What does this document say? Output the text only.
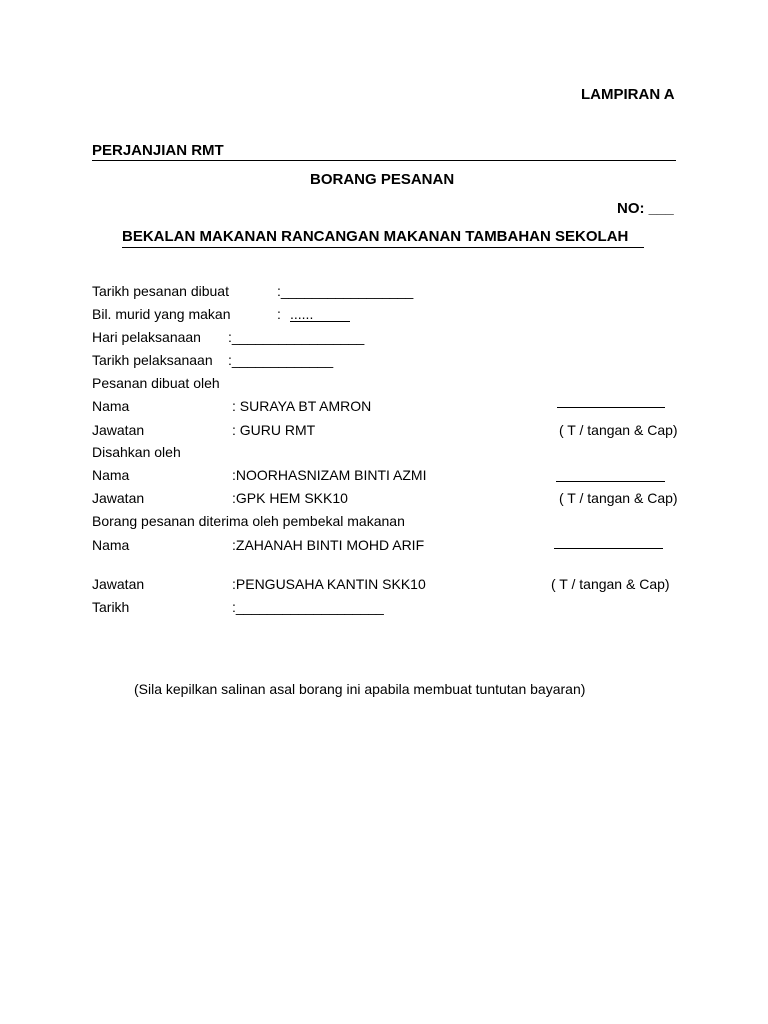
LAMPIRAN A
PERJANJIAN RMT
BORANG PESANAN
NO: ___
BEKALAN MAKANAN RANCANGAN MAKANAN TAMBAHAN SEKOLAH
Tarikh pesanan dibuat	:_________________
Bil. murid yang makan	: ......
Hari pelaksanaan :_________________
Tarikh pelaksanaan :_____________
Pesanan dibuat oleh
Nama	: SURAYA BT AMRON
Jawatan	: GURU RMT	( T / tangan & Cap)
Disahkan oleh
Nama	:NOORHASNIZAM BINTI AZMI
Jawatan	:GPK HEM SKK10	( T / tangan & Cap)
Borang pesanan diterima oleh pembekal makanan
Nama	:ZAHANAH BINTI MOHD ARIF
Jawatan	:PENGUSAHA KANTIN SKK10	( T / tangan & Cap)
Tarikh	:___________________
(Sila kepilkan salinan asal borang ini apabila membuat tuntutan bayaran)
